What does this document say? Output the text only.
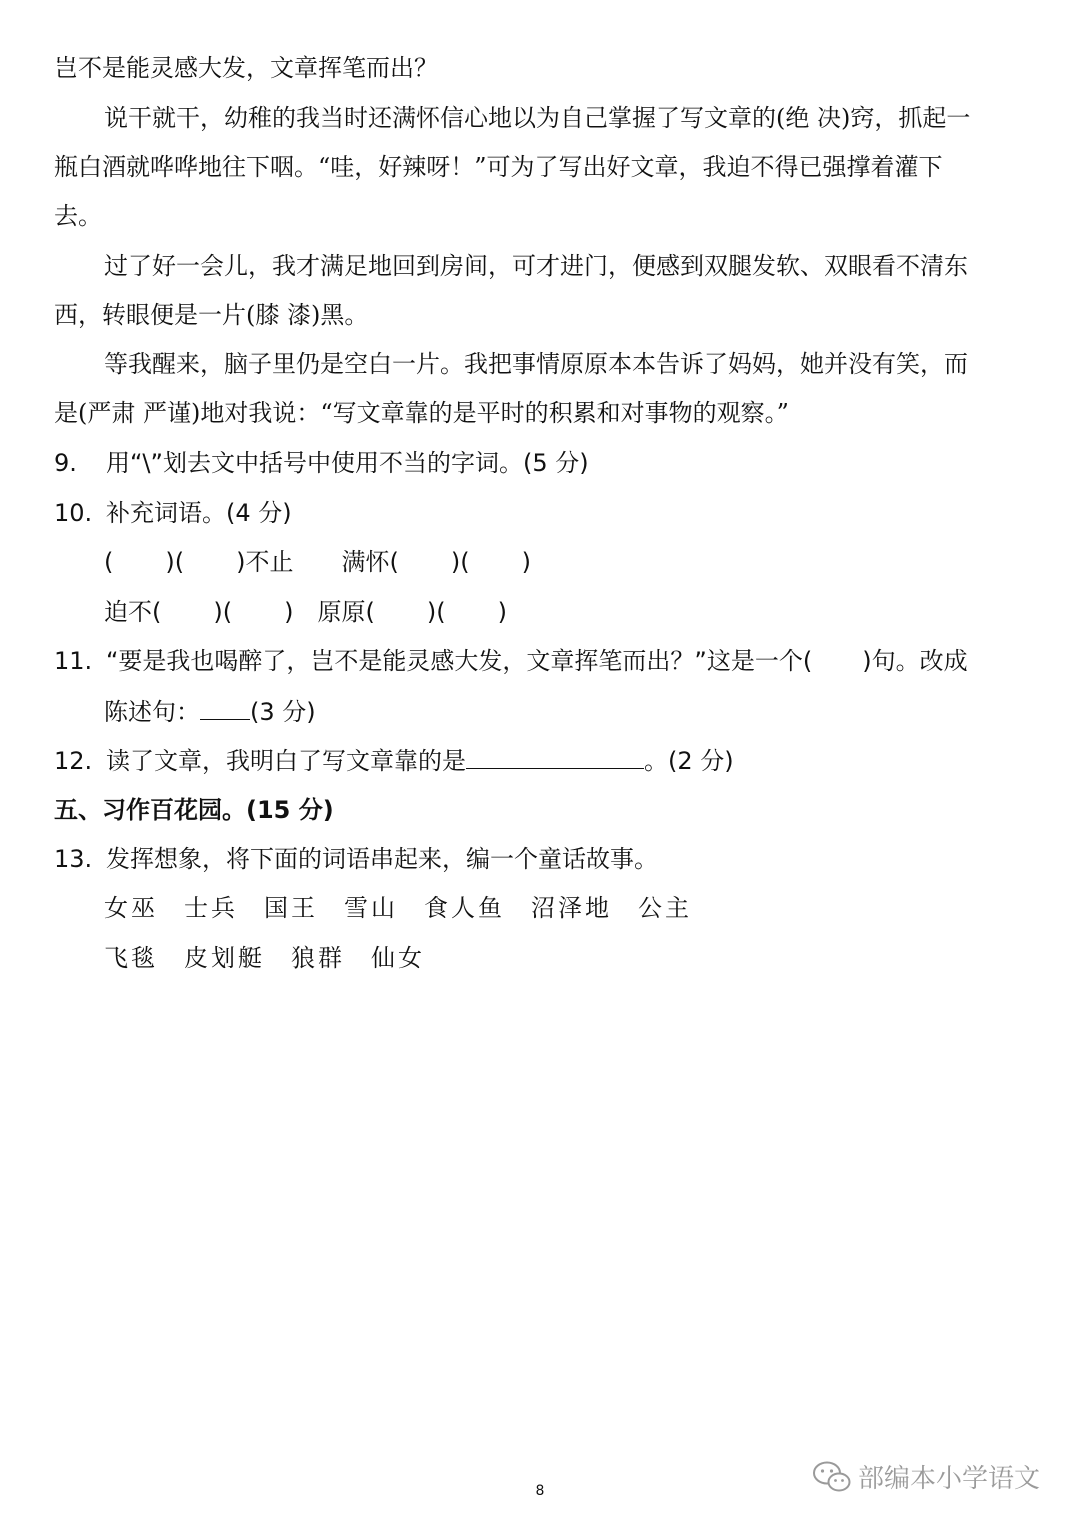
岂不是能灵感大发，文章挥笔而出？
说干就干，幼稚的我当时还满怀信心地以为自己掌握了写文章的(绝 决)窍，抓起一
瓶白酒就哗哗地往下咽。“哇，好辣呀！”可为了写出好文章，我迫不得已强撑着灌下
去。
过了好一会儿，我才满足地回到房间，可才进门，便感到双腿发软、双眼看不清东
西，转眼便是一片(膝 漆)黑。
等我醒来，脑子里仍是空白一片。我把事情原原本本告诉了妈妈，她并没有笑，而
是(严肃 严谨)地对我说：“写文章靠的是平时的积累和对事物的观察。”
9. 用“\”划去文中括号中使用不当的字词。(5 分)
10. 补充词语。(4 分)
( )( )不止 满怀( )( )
迫不( )( ) 原原( )( )
11. “要是我也喝醉了，岂不是能灵感大发，文章挥笔而出？”这是一个( )句。改成
陈述句： (3 分)
12. 读了文章，我明白了写文章靠的是	。(2 分)
五、习作百花园。(15 分)
13. 发挥想象，将下面的词语串起来，编一个童话故事。
女巫 士兵 国王 雪山 食人鱼 沼泽地 公主
飞毯 皮划艇 狼群 仙女
8	部编本小学语文
